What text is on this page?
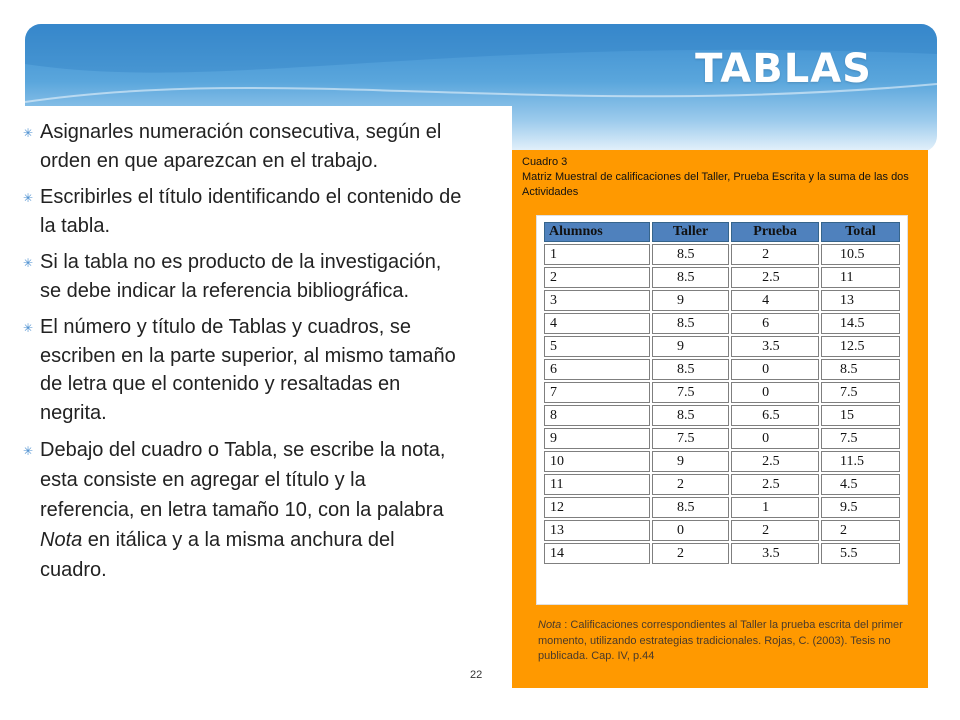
TABLAS
✳ Asignarles numeración consecutiva, según el orden en que aparezcan en el trabajo.
✳ Escribirles el título identificando el contenido de la tabla.
✳ Si la tabla no es producto de la investigación, se debe indicar la referencia bibliográfica.
✳ El número y título de Tablas y cuadros, se escriben en la parte superior, al mismo tamaño de letra que el contenido y resaltadas en negrita.
✳ Debajo del cuadro o Tabla, se escribe la nota, esta consiste en agregar el título y la referencia, en letra tamaño 10, con la palabra Nota en itálica y a la misma anchura del cuadro.
22
Cuadro 3
Matriz Muestral de calificaciones del Taller, Prueba Escrita y la suma de las dos Actividades
Alumnos	Taller	Prueba	Total
1	8.5	2	10.5
2	8.5	2.5	11
3	9	4	13
4	8.5	6	14.5
5	9	3.5	12.5
6	8.5	0	8.5
7	7.5	0	7.5
8	8.5	6.5	15
9	7.5	0	7.5
10	9	2.5	11.5
11	2	2.5	4.5
12	8.5	1	9.5
13	0	2	2
14	2	3.5	5.5
Nota : Calificaciones correspondientes al Taller la prueba escrita del primer momento, utilizando estrategias tradicionales. Rojas, C. (2003). Tesis no publicada. Cap. IV, p.44
